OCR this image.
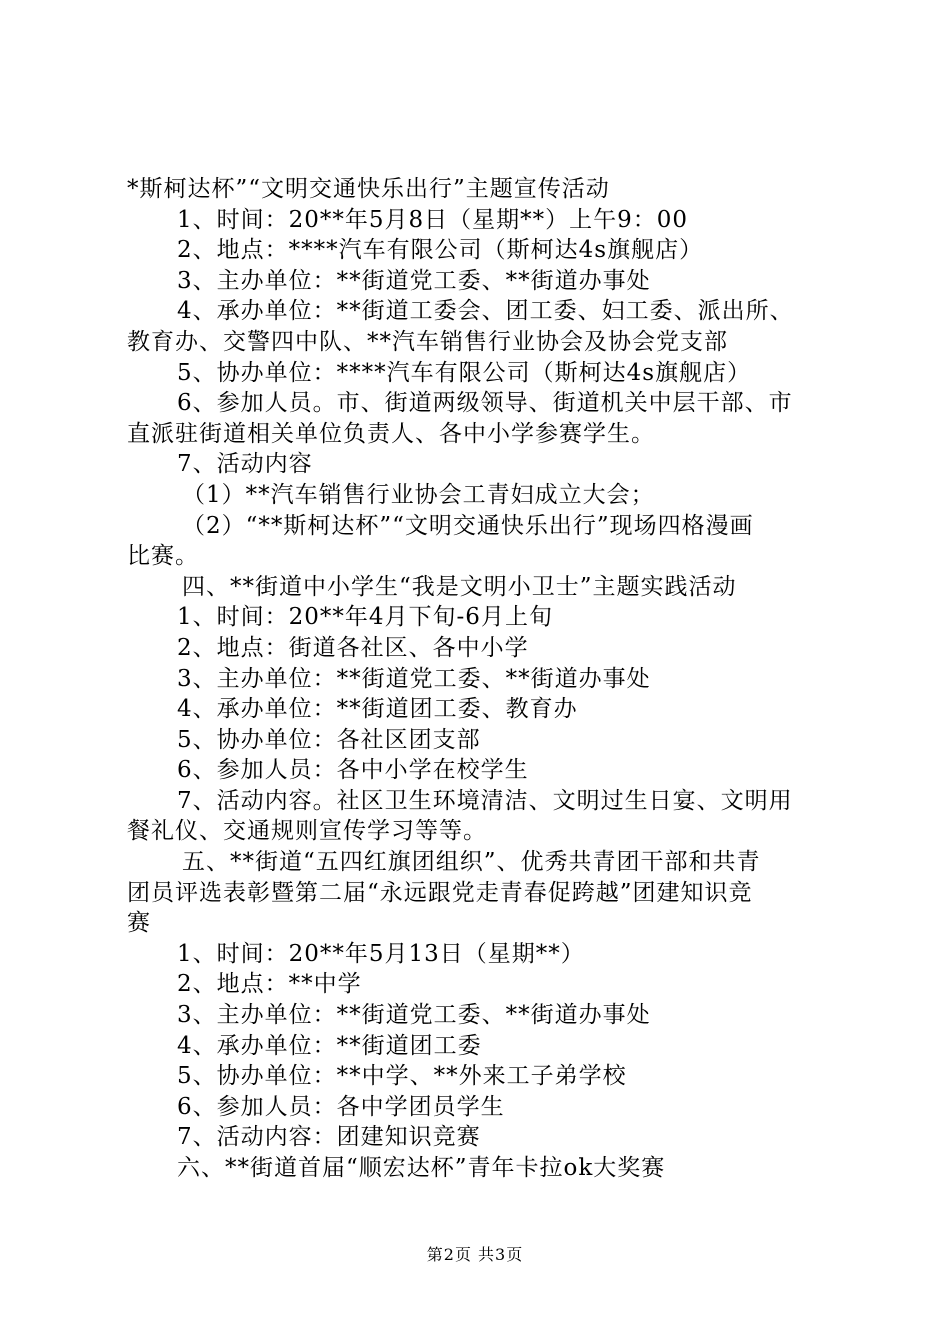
*斯柯达杯”“文明交通快乐出行”主题宣传活动

1、时间：20**年5月8日（星期**）上午9：00

2、地点：****汽车有限公司（斯柯达4s旗舰店）

3、主办单位：**街道党工委、**街道办事处

4、承办单位：**街道工委会、团工委、妇工委、派出所、

教育办、交警四中队、**汽车销售行业协会及协会党支部

5、协办单位：****汽车有限公司（斯柯达4s旗舰店）

6、参加人员。市、街道两级领导、街道机关中层干部、市

直派驻街道相关单位负责人、各中小学参赛学生。

7、活动内容

（1）**汽车销售行业协会工青妇成立大会；

（2）“**斯柯达杯”“文明交通快乐出行”现场四格漫画

比赛。

四、**街道中小学生“我是文明小卫士”主题实践活动

1、时间：20**年4月下旬-6月上旬

2、地点：街道各社区、各中小学

3、主办单位：**街道党工委、**街道办事处

4、承办单位：**街道团工委、教育办

5、协办单位：各社区团支部

6、参加人员：各中小学在校学生

7、活动内容。社区卫生环境清洁、文明过生日宴、文明用

餐礼仪、交通规则宣传学习等等。

五、**街道“五四红旗团组织”、优秀共青团干部和共青

团员评选表彰暨第二届“永远跟党走青春促跨越”团建知识竞

赛

1、时间：20**年5月13日（星期**）

2、地点：**中学

3、主办单位：**街道党工委、**街道办事处

4、承办单位：**街道团工委

5、协办单位：**中学、**外来工子弟学校

6、参加人员：各中学团员学生

7、活动内容：团建知识竞赛

六、**街道首届“顺宏达杯”青年卡拉ok大奖赛

第2页 共3页
